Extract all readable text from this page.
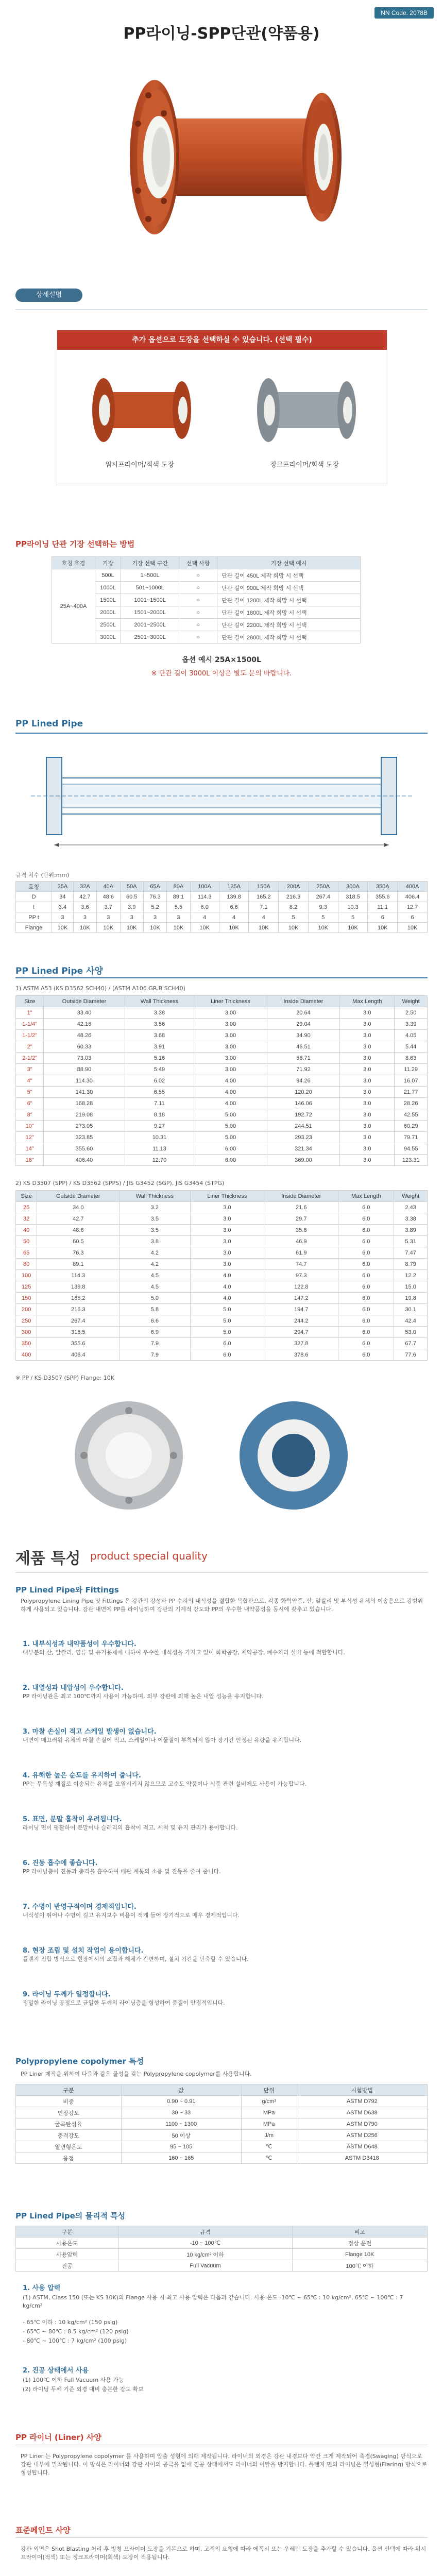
NN Code. 2078B
PP라이닝-SPP단관(약품용)
상세설명
추가 옵션으로 도장을 선택하실 수 있습니다. (선택 필수)
워시프라이머/적색 도장	징크프라이머/회색 도장
PP라이닝 단관 기장 선택하는 방법
호칭 호경	기장	기장 선택 구간	선택 사항	기장 선택 예시
25A~400A	500L	1~500L	○	단관 길이 450L 제작 희망 시 선택
	1000L	501~1000L	○	단관 길이 900L 제작 희망 시 선택
	1500L	1001~1500L	○	단관 길이 1200L 제작 희망 시 선택
	2000L	1501~2000L	○	단관 길이 1800L 제작 희망 시 선택
	2500L	2001~2500L	○	단관 길이 2200L 제작 희망 시 선택
	3000L	2501~3000L	○	단관 길이 2800L 제작 희망 시 선택
옵션 예시 25A×1500L
※ 단관 길이 3000L 이상은 별도 문의 바랍니다.
PP Lined Pipe
규격 치수 (단위:mm)
호칭	25A	32A	40A	50A	65A	80A	100A	125A	150A	200A	250A	300A	350A	400A
D	34	42.7	48.6	60.5	76.3	89.1	114.3	139.8	165.2	216.3	267.4	318.5	355.6	406.4
t	3.4	3.6	3.7	3.9	5.2	5.5	6.0	6.6	7.1	8.2	9.3	10.3	11.1	12.7
PP t	3	3	3	3	3	3	4	4	4	5	5	5	6	6
Flange	10K	10K	10K	10K	10K	10K	10K	10K	10K	10K	10K	10K	10K	10K
PP Lined Pipe 사양
1) ASTM A53 (KS D3562 SCH40) / (ASTM A106 GR.B SCH40)
Size	Outside Diameter	Wall Thickness	Liner Thickness	Inside Diameter	Max Length	Weight
1"	33.40	3.38	3.00	20.64	3.0	2.50
1-1/4"	42.16	3.56	3.00	29.04	3.0	3.39
1-1/2"	48.26	3.68	3.00	34.90	3.0	4.05
2"	60.33	3.91	3.00	46.51	3.0	5.44
2-1/2"	73.03	5.16	3.00	56.71	3.0	8.63
3"	88.90	5.49	3.00	71.92	3.0	11.29
4"	114.30	6.02	4.00	94.26	3.0	16.07
5"	141.30	6.55	4.00	120.20	3.0	21.77
6"	168.28	7.11	4.00	146.06	3.0	28.26
8"	219.08	8.18	5.00	192.72	3.0	42.55
10"	273.05	9.27	5.00	244.51	3.0	60.29
12"	323.85	10.31	5.00	293.23	3.0	79.71
14"	355.60	11.13	6.00	321.34	3.0	94.55
16"	406.40	12.70	6.00	369.00	3.0	123.31
2) KS D3507 (SPP) / KS D3562 (SPPS) / JIS G3452 (SGP), JIS G3454 (STPG)
Size	Outside Diameter	Wall Thickness	Liner Thickness	Inside Diameter	Max Length	Weight
25	34.0	3.2	3.0	21.6	6.0	2.43
32	42.7	3.5	3.0	29.7	6.0	3.38
40	48.6	3.5	3.0	35.6	6.0	3.89
50	60.5	3.8	3.0	46.9	6.0	5.31
65	76.3	4.2	3.0	61.9	6.0	7.47
80	89.1	4.2	3.0	74.7	6.0	8.79
100	114.3	4.5	4.0	97.3	6.0	12.2
125	139.8	4.5	4.0	122.8	6.0	15.0
150	165.2	5.0	4.0	147.2	6.0	19.8
200	216.3	5.8	5.0	194.7	6.0	30.1
250	267.4	6.6	5.0	244.2	6.0	42.4
300	318.5	6.9	5.0	294.7	6.0	53.0
350	355.6	7.9	6.0	327.8	6.0	67.7
400	406.4	7.9	6.0	378.6	6.0	77.6
※ PP / KS D3507 (SPP) Flange: 10K
제품 특성 product special quality
PP Lined Pipe와 Fittings
Polypropylene Lining Pipe 및 Fittings 은 강관의 강성과 PP 수지의 내식성을 결합한 복합관으로, 각종 화학약품, 산, 알칼리 및 부식성 유체의 이송용으로 광범위하게 사용되고 있습니다. 강관 내면에 PP를 라이닝하여 강관의 기계적 강도와 PP의 우수한 내약품성을 동시에 갖추고 있습니다.
1. 내부식성과 내약품성이 우수합니다.
대부분의 산, 알칼리, 염류 및 유기용제에 대하여 우수한 내식성을 가지고 있어 화학공장, 제약공장, 폐수처리 설비 등에 적합합니다.
2. 내열성과 내압성이 우수합니다.
PP 라이닝관은 최고 100℃까지 사용이 가능하며, 외부 강관에 의해 높은 내압 성능을 유지합니다.
3. 마찰 손실이 적고 스케일 발생이 없습니다.
내면이 매끄러워 유체의 마찰 손실이 적고, 스케일이나 이물질이 부착되지 않아 장기간 안정된 유량을 유지합니다.
4. 유해한 높은 순도를 유지하여 줍니다.
PP는 무독성 재질로 이송되는 유체를 오염시키지 않으므로 고순도 약품이나 식품 관련 설비에도 사용이 가능합니다.
5. 표면, 분말 흡착이 우려됩니다.
라이닝 면이 평활하여 분말이나 슬러리의 흡착이 적고, 세척 및 유지 관리가 용이합니다.
6. 진동 흡수에 좋습니다.
PP 라이닝층이 진동과 충격을 흡수하여 배관 계통의 소음 및 진동을 줄여 줍니다.
7. 수명이 반영구적이며 경제적입니다.
내식성이 뛰어나 수명이 길고 유지보수 비용이 적게 들어 장기적으로 매우 경제적입니다.
8. 현장 조립 및 설치 작업이 용이합니다.
플랜지 접합 방식으로 현장에서의 조립과 해체가 간편하며, 설치 기간을 단축할 수 있습니다.
9. 라이닝 두께가 일정합니다.
정밀한 라이닝 공정으로 균일한 두께의 라이닝층을 형성하여 품질이 안정적입니다.
Polypropylene copolymer 특성
PP Liner 제작을 위하여 다음과 같은 물성을 갖는 Polypropylene copolymer를 사용합니다.
구분	값	단위	시험방법
비중	0.90 ~ 0.91	g/cm³	ASTM D792
인장강도	30 ~ 33	MPa	ASTM D638
굴곡탄성율	1100 ~ 1300	MPa	ASTM D790
충격강도	50 이상	J/m	ASTM D256
열변형온도	95 ~ 105	℃	ASTM D648
융점	160 ~ 165	℃	ASTM D3418
PP Lined Pipe의 물리적 특성
구분	규격	비고
사용온도	-10 ~ 100℃	정상 운전
사용압력	10 kg/cm² 이하	Flange 10K
진공	Full Vacuum	100℃ 이하
1. 사용 압력
(1) ASTM, Class 150 (또는 KS 10K)의 Flange 사용 시 최고 사용 압력은 다음과 같습니다. 사용 온도 -10℃ ~ 65℃ : 10 kg/cm², 65℃ ~ 100℃ : 7 kg/cm²
- 65℃ 이하 : 10 kg/cm² (150 psig)
- 65℃ ~ 80℃ : 8.5 kg/cm² (120 psig)
- 80℃ ~ 100℃ : 7 kg/cm² (100 psig)
2. 진공 상태에서 사용
(1) 100℃ 이하 Full Vacuum 사용 가능
(2) 라이닝 두께 기준 외경 대비 충분한 강도 확보
PP 라이너 (Liner) 사양
PP Liner 는 Polypropylene copolymer 를 사용하며 압출 성형에 의해 제작됩니다. 라이너의 외경은 강관 내경보다 약간 크게 제작되어 축경(Swaging) 방식으로 강관 내부에 밀착됩니다. 이 방식은 라이너와 강관 사이의 공극을 없애 진공 상태에서도 라이너의 이탈을 방지합니다. 플랜지 면의 라이닝은 열성형(Flaring) 방식으로 형성됩니다.
표준페인트 사양
강관 외면은 Shot Blasting 처리 후 방청 프라이머 도장을 기본으로 하며, 고객의 요청에 따라 에폭시 또는 우레탄 도장을 추가할 수 있습니다. 옵션 선택에 따라 워시프라이머(적색) 또는 징크프라이머(회색) 도장이 적용됩니다.
